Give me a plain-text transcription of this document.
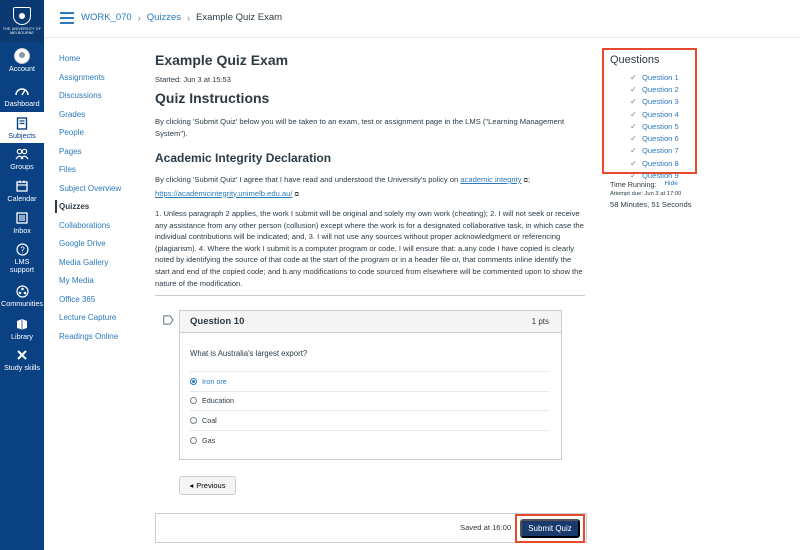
THE UNIVERSITY OF
MELBOURNE
Account
Dashboard
Subjects
Groups
Calendar
Inbox
?
LMS support
Communities
Library
Study skills
WORK_070 › Quizzes › Example Quiz Exam
Home
Assignments
Discussions
Grades
People
Pages
Files
Subject Overview
Quizzes
Collaborations
Google Drive
Media Gallery
My Media
Office 365
Lecture Capture
Readings Online
Example Quiz Exam
Started: Jun 3 at 15:53
Quiz Instructions

By clicking 'Submit Quiz' below you will be taken to an exam, test or assignment page in the LMS ("Learning Management System").

Academic Integrity Declaration

By clicking 'Submit Quiz' I agree that I have read and understood the University's policy on academic integrity ⧉;
https://academicintegrity.unimelb.edu.au/ ⧉

1. Unless paragraph 2 applies, the work I submit will be original and solely my own work (cheating); 2. I will not seek or receive any assistance from any other person (collusion) except where the work is for a designated collaborative task, in which case the individual contributions will be indicated; and, 3. I will not use any sources without proper acknowledgment or referencing (plagiarism). 4. Where the work I submit is a computer program or code, I will ensure that: a.any code I have copied is clearly noted by identifying the source of that code at the start of the program or in a header file or, that comments inline identify the start and end of the copied code; and b.any modifications to code sourced from elsewhere will be commented upon to show the nature of the modification.

Question 10	1 pts
What is Australia's largest export?
Iron ore
Education
Coal
Gas
◂ Previous
Saved at 16:00	Submit Quiz
Questions
✓ Question 1
✓ Question 2
✓ Question 3
✓ Question 4
✓ Question 5
✓ Question 6
✓ Question 7
✓ Question 8
✓ Question 9
Time Running: Hide
Attempt due: Jun 3 at 17:00
58 Minutes, 51 Seconds
